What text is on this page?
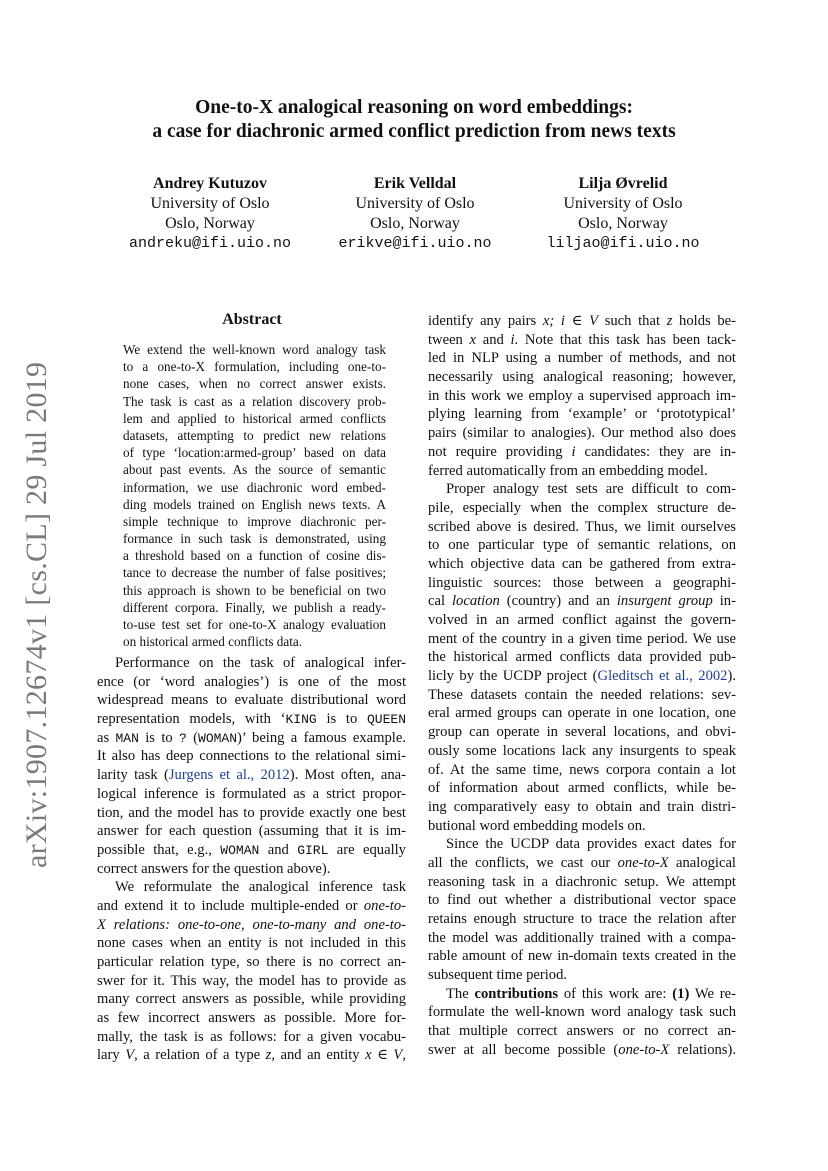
arXiv:1907.12674v1 [cs.CL] 29 Jul 2019
One-to-X analogical reasoning on word embeddings:
a case for diachronic armed conflict prediction from news texts
Andrey Kutuzov
University of Oslo
Oslo, Norway
andreku@ifi.uio.no
Erik Velldal
University of Oslo
Oslo, Norway
erikve@ifi.uio.no
Lilja Øvrelid
University of Oslo
Oslo, Norway
liljao@ifi.uio.no
Abstract
We extend the well-known word analogy task
to a one-to-X formulation, including one-to-
none cases, when no correct answer exists.
The task is cast as a relation discovery prob-
lem and applied to historical armed conflicts
datasets, attempting to predict new relations
of type ‘location:armed-group’ based on data
about past events. As the source of semantic
information, we use diachronic word embed-
ding models trained on English news texts. A
simple technique to improve diachronic per-
formance in such task is demonstrated, using
a threshold based on a function of cosine dis-
tance to decrease the number of false positives;
this approach is shown to be beneficial on two
different corpora. Finally, we publish a ready-
to-use test set for one-to-X analogy evaluation
on historical armed conflicts data.
Performance on the task of analogical infer-
ence (or ‘word analogies’) is one of the most
widespread means to evaluate distributional word
representation models, with ‘KING is to QUEEN
as MAN is to ? (WOMAN)’ being a famous example.
It also has deep connections to the relational simi-
larity task (Jurgens et al., 2012). Most often, ana-
logical inference is formulated as a strict propor-
tion, and the model has to provide exactly one best
answer for each question (assuming that it is im-
possible that, e.g., WOMAN and GIRL are equally
correct answers for the question above).
We reformulate the analogical inference task
and extend it to include multiple-ended or one-to-
X relations: one-to-one, one-to-many and one-to-
none cases when an entity is not included in this
particular relation type, so there is no correct an-
swer for it. This way, the model has to provide as
many correct answers as possible, while providing
as few incorrect answers as possible. More for-
mally, the task is as follows: for a given vocabu-
lary V, a relation of a type z, and an entity x ∈ V,
identify any pairs x; i ∈ V such that z holds be-
tween x and i. Note that this task has been tack-
led in NLP using a number of methods, and not
necessarily using analogical reasoning; however,
in this work we employ a supervised approach im-
plying learning from ‘example’ or ‘prototypical’
pairs (similar to analogies). Our method also does
not require providing i candidates: they are in-
ferred automatically from an embedding model.
Proper analogy test sets are difficult to com-
pile, especially when the complex structure de-
scribed above is desired. Thus, we limit ourselves
to one particular type of semantic relations, on
which objective data can be gathered from extra-
linguistic sources: those between a geographi-
cal location (country) and an insurgent group in-
volved in an armed conflict against the govern-
ment of the country in a given time period. We use
the historical armed conflicts data provided pub-
licly by the UCDP project (Gleditsch et al., 2002).
These datasets contain the needed relations: sev-
eral armed groups can operate in one location, one
group can operate in several locations, and obvi-
ously some locations lack any insurgents to speak
of. At the same time, news corpora contain a lot
of information about armed conflicts, while be-
ing comparatively easy to obtain and train distri-
butional word embedding models on.
Since the UCDP data provides exact dates for
all the conflicts, we cast our one-to-X analogical
reasoning task in a diachronic setup. We attempt
to find out whether a distributional vector space
retains enough structure to trace the relation after
the model was additionally trained with a compa-
rable amount of new in-domain texts created in the
subsequent time period.
The contributions of this work are: (1) We re-
formulate the well-known word analogy task such
that multiple correct answers or no correct an-
swer at all become possible (one-to-X relations).
